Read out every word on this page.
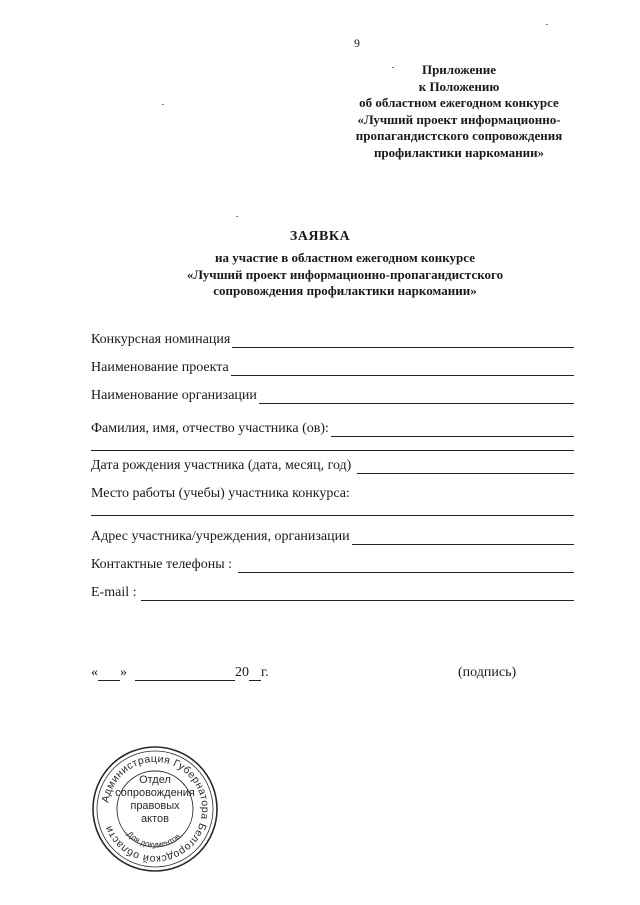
9
Приложение
к Положению
об областном ежегодном конкурсе
«Лучший проект информационно-
пропагандистского сопровождения
профилактики наркомании»
ЗАЯВКА
на участие в областном ежегодном конкурсе
«Лучший проект информационно-пропагандистского
сопровождения профилактики наркомании»
Конкурсная номинация
Наименование проекта
Наименование организации
Фамилия, имя, отчество участника (ов):
Дата рождения участника (дата, месяц, год)
Место работы (учебы) участника конкурса:
Адрес участника/учреждения, организации
Контактные телефоны :
E-mail :
« »	20 г.	(подпись)
Администрация Губернатора Белгородской области
Для документов
Отдел
сопровождения
правовых
актов
